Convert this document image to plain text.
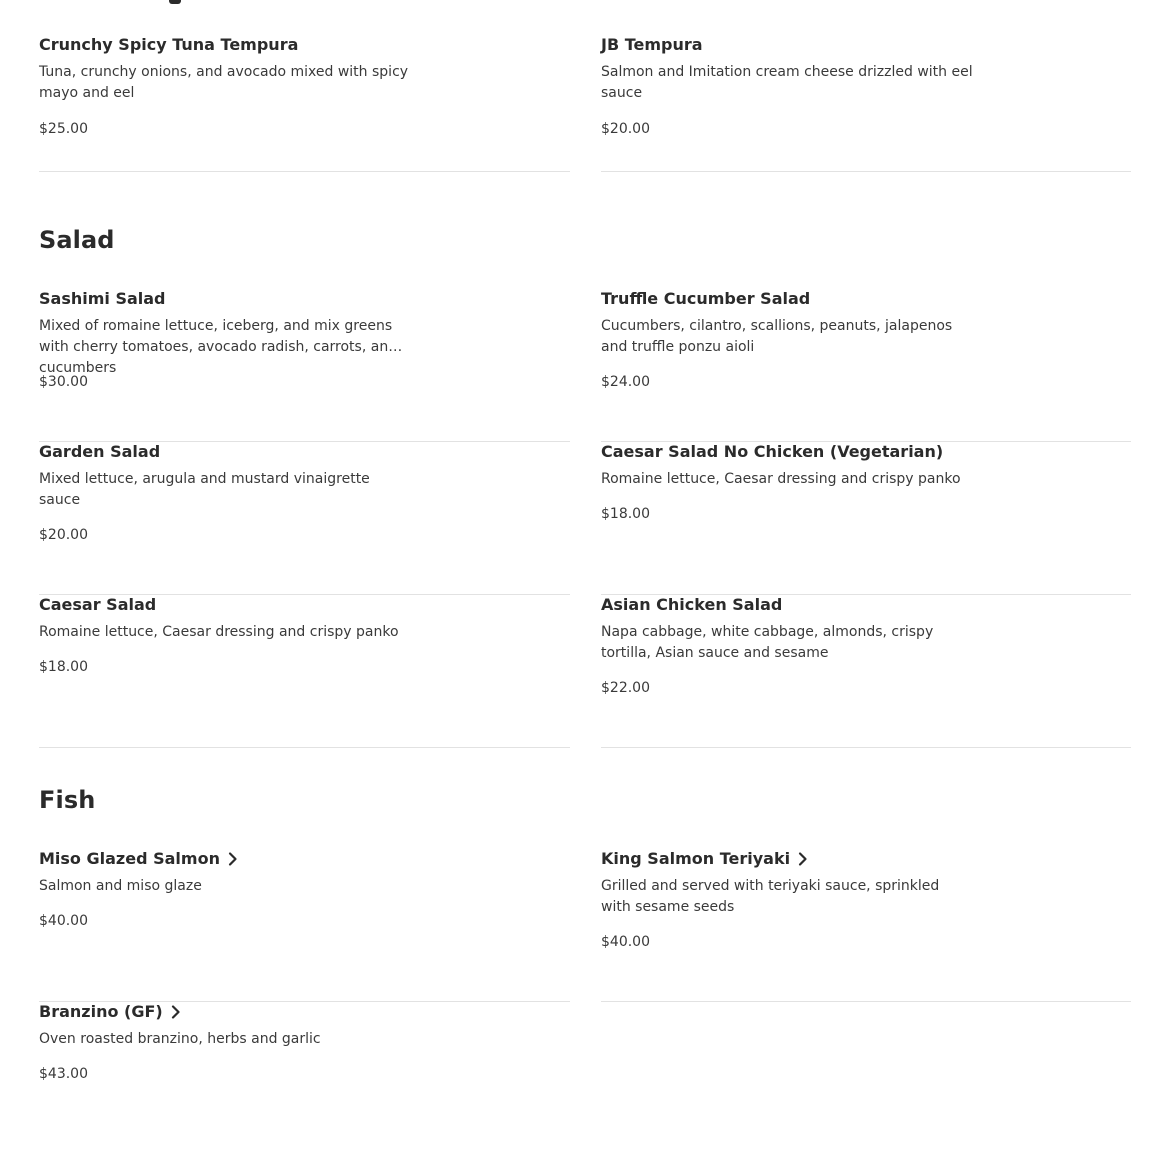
Crunchy Spicy Tuna Tempura
Tuna, crunchy onions, and avocado mixed with spicy mayo and eel
$25.00
JB Tempura
Salmon and Imitation cream cheese drizzled with eel sauce
$20.00
Salad
Sashimi Salad
Mixed of romaine lettuce, iceberg, and mix greens with cherry tomatoes, avocado radish, carrots, and cucumbers
$30.00
Truffle Cucumber Salad
Cucumbers, cilantro, scallions, peanuts, jalapenos and truffle ponzu aioli
$24.00
Garden Salad
Mixed lettuce, arugula and mustard vinaigrette sauce
$20.00
Caesar Salad No Chicken (Vegetarian)
Romaine lettuce, Caesar dressing and crispy panko
$18.00
Caesar Salad
Romaine lettuce, Caesar dressing and crispy panko
$18.00
Asian Chicken Salad
Napa cabbage, white cabbage, almonds, crispy tortilla, Asian sauce and sesame
$22.00
Fish
Miso Glazed Salmon
Salmon and miso glaze
$40.00
King Salmon Teriyaki
Grilled and served with teriyaki sauce, sprinkled with sesame seeds
$40.00
Branzino (GF)
Oven roasted branzino, herbs and garlic
$43.00
